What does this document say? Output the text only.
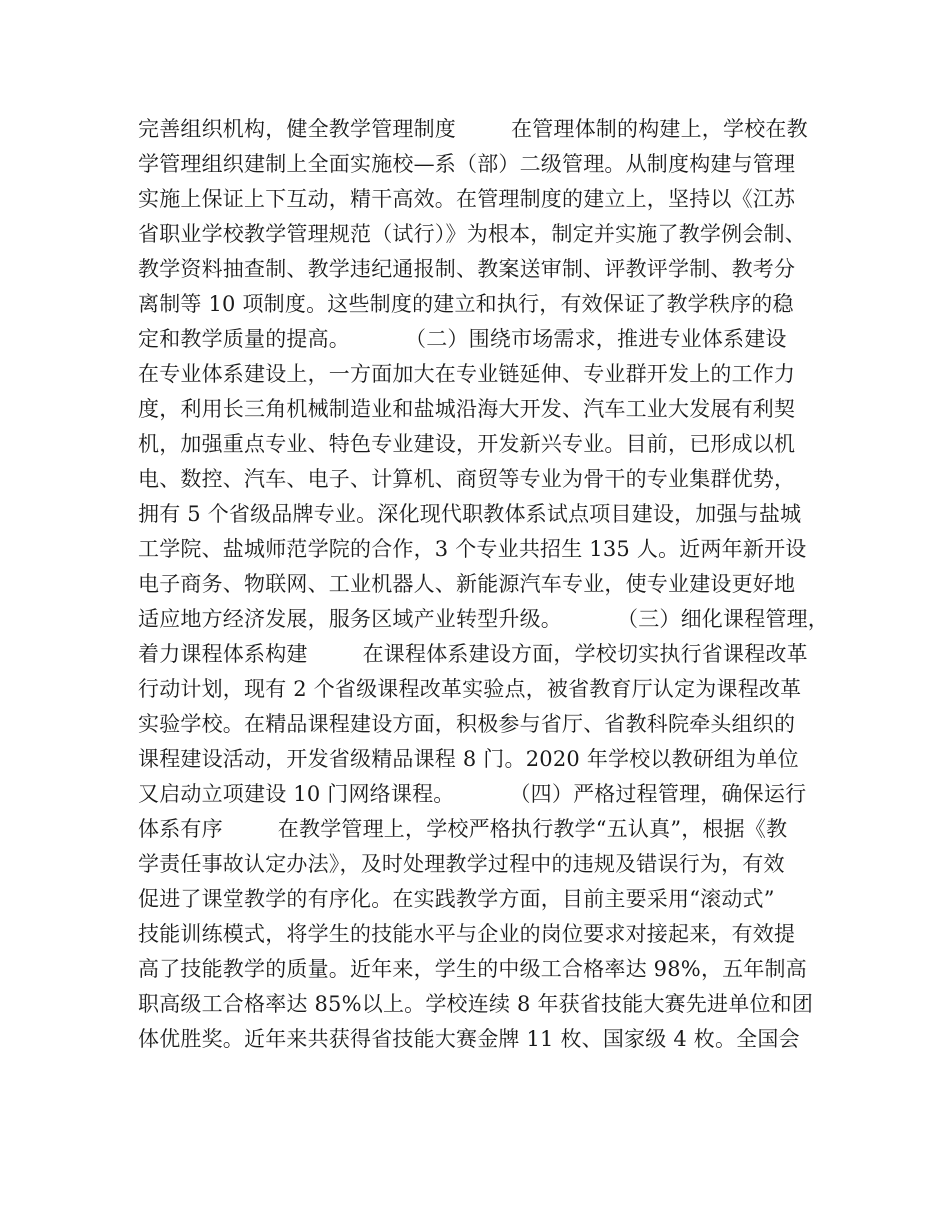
完善组织机构，健全教学管理制度        在管理体制的构建上，学校在教
学管理组织建制上全面实施校—系（部）二级管理。从制度构建与管理
实施上保证上下互动，精干高效。在管理制度的建立上，坚持以《江苏
省职业学校教学管理规范（试行）》为根本，制定并实施了教学例会制、
教学资料抽查制、教学违纪通报制、教案送审制、评教评学制、教考分
离制等 10 项制度。这些制度的建立和执行，有效保证了教学秩序的稳
定和教学质量的提高。        （二）围绕市场需求，推进专业体系建设
在专业体系建设上，一方面加大在专业链延伸、专业群开发上的工作力
度，利用长三角机械制造业和盐城沿海大开发、汽车工业大发展有利契
机，加强重点专业、特色专业建设，开发新兴专业。目前，已形成以机
电、数控、汽车、电子、计算机、商贸等专业为骨干的专业集群优势，
拥有 5 个省级品牌专业。深化现代职教体系试点项目建设，加强与盐城
工学院、盐城师范学院的合作，3 个专业共招生 135 人。近两年新开设
电子商务、物联网、工业机器人、新能源汽车专业，使专业建设更好地
适应地方经济发展，服务区域产业转型升级。        （三）细化课程管理，
着力课程体系构建        在课程体系建设方面，学校切实执行省课程改革
行动计划，现有 2 个省级课程改革实验点，被省教育厅认定为课程改革
实验学校。在精品课程建设方面，积极参与省厅、省教科院牵头组织的
课程建设活动，开发省级精品课程 8 门。2020 年学校以教研组为单位
又启动立项建设 10 门网络课程。        （四）严格过程管理，确保运行
体系有序        在教学管理上，学校严格执行教学“五认真”，根据《教
学责任事故认定办法》，及时处理教学过程中的违规及错误行为，有效
促进了课堂教学的有序化。在实践教学方面，目前主要采用“滚动式”
技能训练模式，将学生的技能水平与企业的岗位要求对接起来，有效提
高了技能教学的质量。近年来，学生的中级工合格率达 98%，五年制高
职高级工合格率达 85%以上。学校连续 8 年获省技能大赛先进单位和团
体优胜奖。近年来共获得省技能大赛金牌 11 枚、国家级 4 枚。全国会
